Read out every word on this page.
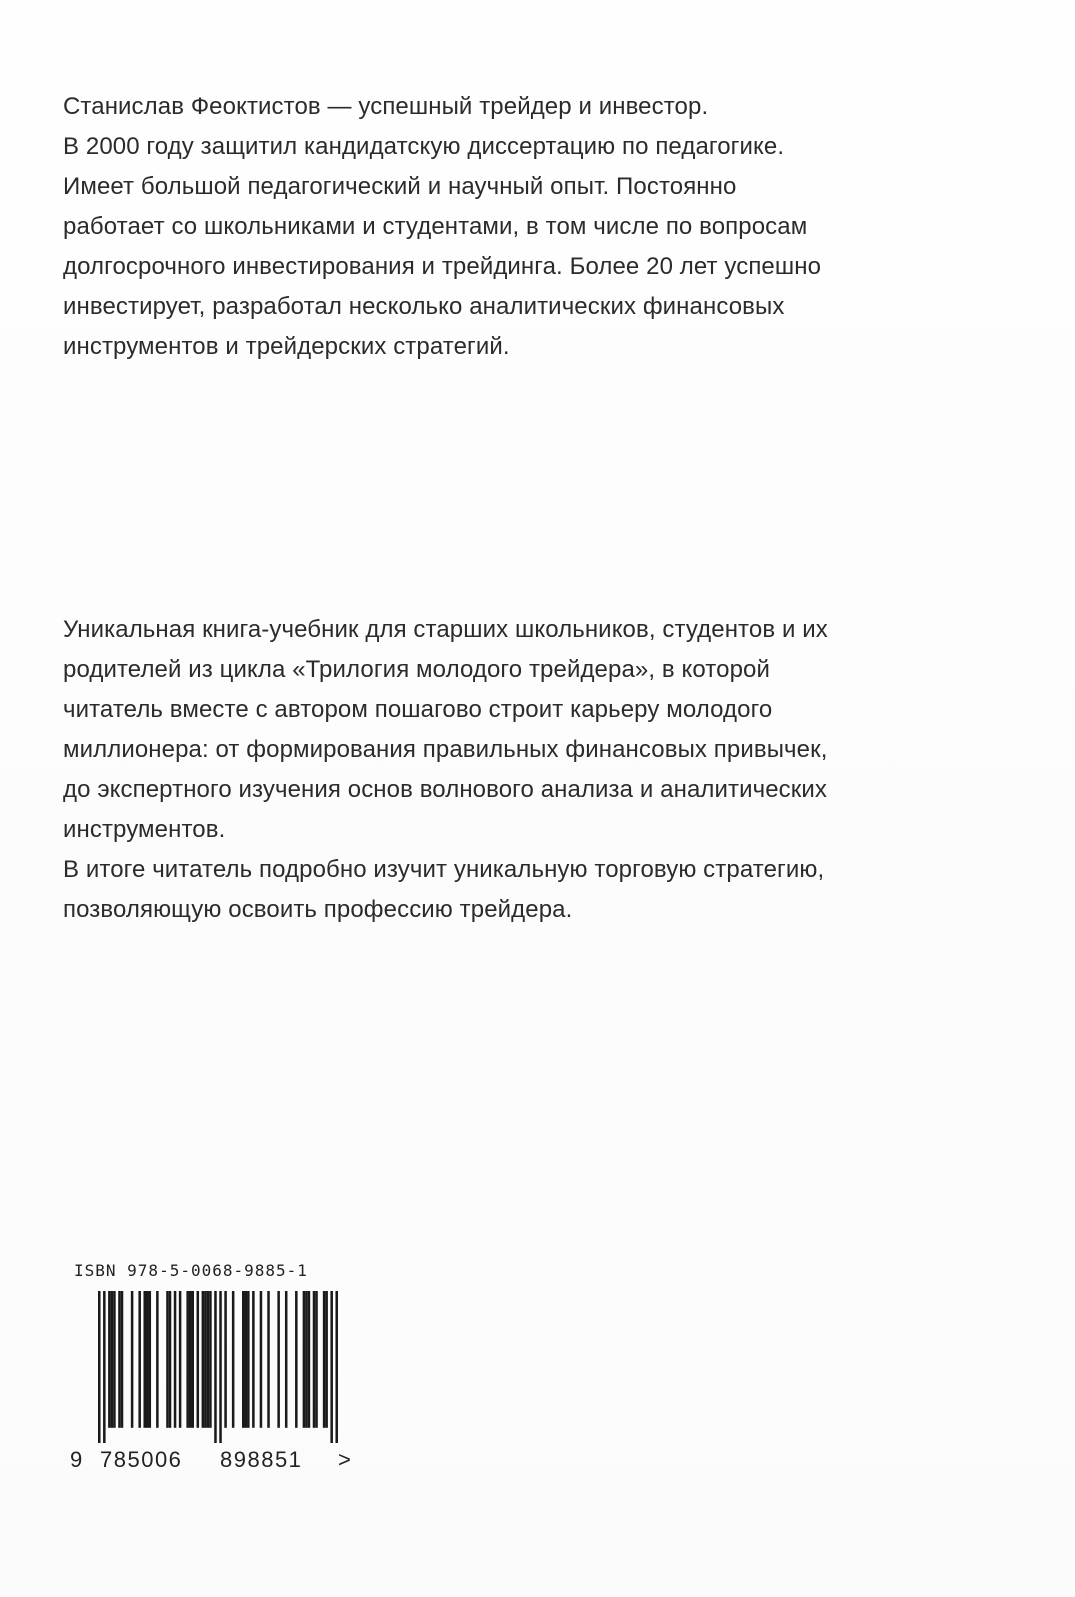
Станислав Феоктистов — успешный трейдер и инвестор.
В 2000 году защитил кандидатскую диссертацию по педагогике.
Имеет большой педагогический и научный опыт. Постоянно
работает со школьниками и студентами, в том числе по вопросам
долгосрочного инвестирования и трейдинга. Более 20 лет успешно
инвестирует, разработал несколько аналитических финансовых
инструментов и трейдерских стратегий.
Уникальная книга-учебник для старших школьников, студентов и их
родителей из цикла «Трилогия молодого трейдера», в которой
читатель вместе с автором пошагово строит карьеру молодого
миллионера: от формирования правильных финансовых привычек,
до экспертного изучения основ волнового анализа и аналитических
инструментов.
В итоге читатель подробно изучит уникальную торговую стратегию,
позволяющую освоить профессию трейдера.
ISBN 978-5-0068-9885-1
9 785006 898851 >
